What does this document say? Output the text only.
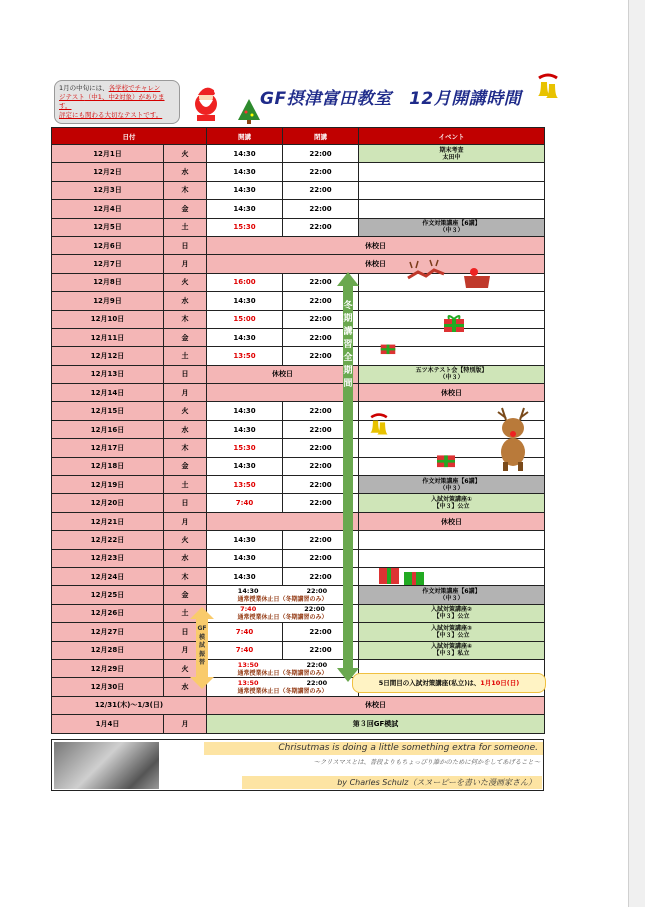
1月の中旬には、各学校でチャレン
ジテスト（中1、中2対象）があります。
評定にも関わる大切なテストです。
GF摂津富田教室　12月開講時間
日付		開講	閉講	イベント
12月1日	火	14:30	22:00	期末考査
太田中
12月2日	水	14:30	22:00	
12月3日	木	14:30	22:00	
12月4日	金	14:30	22:00	
12月5日	土	15:30	22:00	作文対策講座【6講】
（中３）
12月6日	日	休校日		
12月7日	月	休校日		
12月8日	火	16:00	22:00	
12月9日	水	14:30	22:00	
12月10日	木	15:00	22:00	
12月11日	金	14:30	22:00	
12月12日	土	13:50	22:00	
12月13日	日	休校日		五ツ木テスト会【特別版】
（中３）
12月14日	月			休校日
12月15日	火	14:30	22:00	
12月16日	水	14:30	22:00	
12月17日	木	15:30	22:00	
12月18日	金	14:30	22:00	
12月19日	土	13:50	22:00	作文対策講座【6講】
（中３）
12月20日	日	7:40	22:00	入試対策講座①
【中３】公立
12月21日	月			休校日
12月22日	火	14:30	22:00	
12月23日	水	14:30	22:00	
12月24日	木	14:30	22:00	
12月25日	金	14:30 22:00
通常授業休止日（冬期講習のみ）		作文対策講座【6講】
（中３）
12月26日	土	7:40 22:00
通常授業休止日（冬期講習のみ）		入試対策講座②
【中３】公立
12月27日	日	7:40	22:00	入試対策講座③
【中３】公立
12月28日	月	7:40	22:00	入試対策講座④
【中３】私立
12月29日	火	13:50 22:00
通常授業休止日（冬期講習のみ）		
12月30日	水	13:50 22:00
通常授業休止日（冬期講習のみ）		
12/31(木)～1/3(日)		休校日		
1月4日	月	第３回GF模試		
冬期講習全期間
GF模試振替
5日間目の入試対策講座(私立)は、1月10日(日)
Chrisutmas is doing a little something extra for someone.
～クリスマスとは、普段よりもちょっぴり誰かのために何かをしてあげること～
by Charles Schulz（スヌーピーを書いた漫画家さん）
